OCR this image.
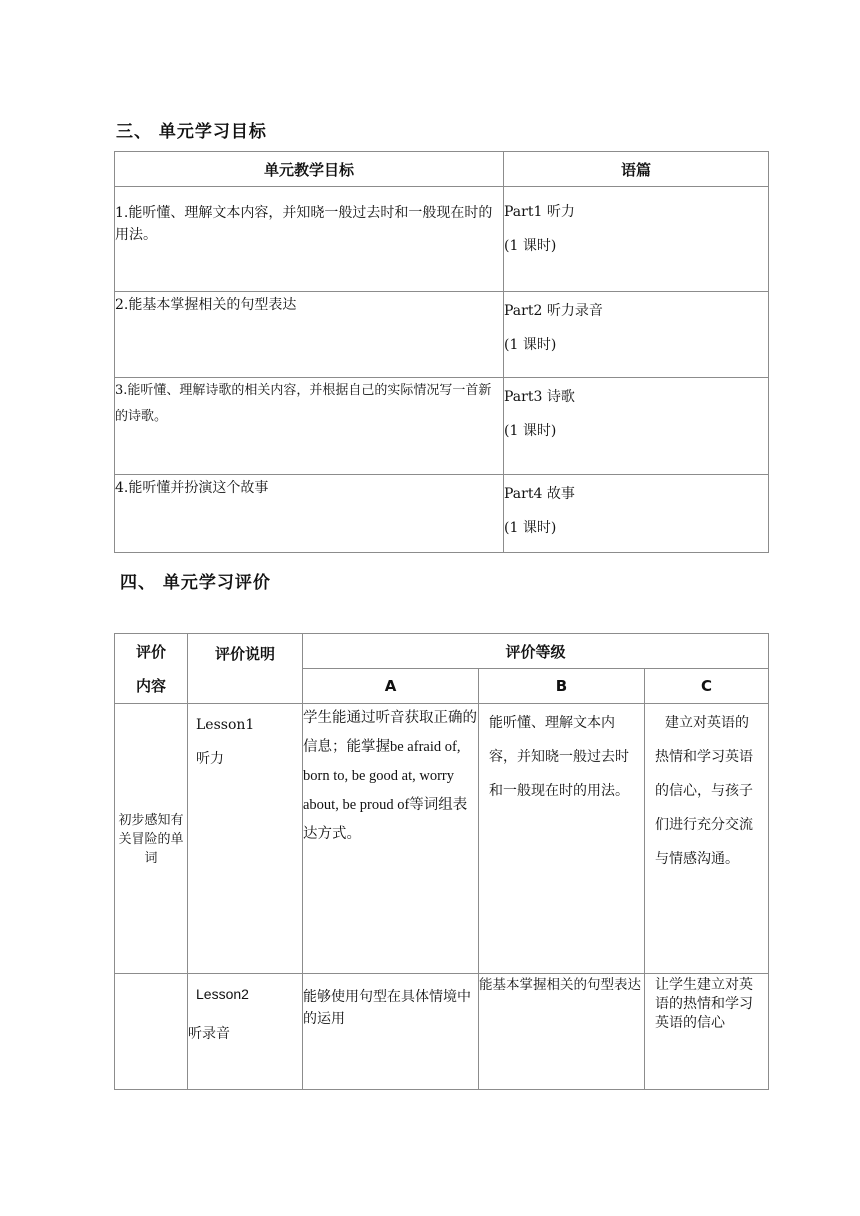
三、 单元学习目标
单元教学目标	语篇
1.能听懂、理解文本内容，并知晓一般过去时和一般现在时的用法。	Part1 听力
(1 课时)

2.能基本掌握相关的句型表达	Part2 听力录音
(1 课时)

3.能听懂、理解诗歌的相关内容，并根据自己的实际情况写一首新的诗歌。	Part3 诗歌
(1 课时)

4.能听懂并扮演这个故事	Part4 故事
(1 课时)
四、 单元学习评价
评价
内容	评价说明	评价等级		
		A	B	C
初步感知有关冒险的单词	Lesson1
听力	学生能通过听音获取正确的信息；能掌握be afraid of, born to, be good at, worry about, be proud of等词组表达方式。	能听懂、理解文本内容，并知晓一般过去时和一般现在时的用法。	建立对英语的热情和学习英语的信心，与孩子们进行充分交流与情感沟通。

	Lesson2
听录音	能够使用句型在具体情境中的运用	能基本掌握相关的句型表达	让学生建立对英语的热情和学习英语的信心
